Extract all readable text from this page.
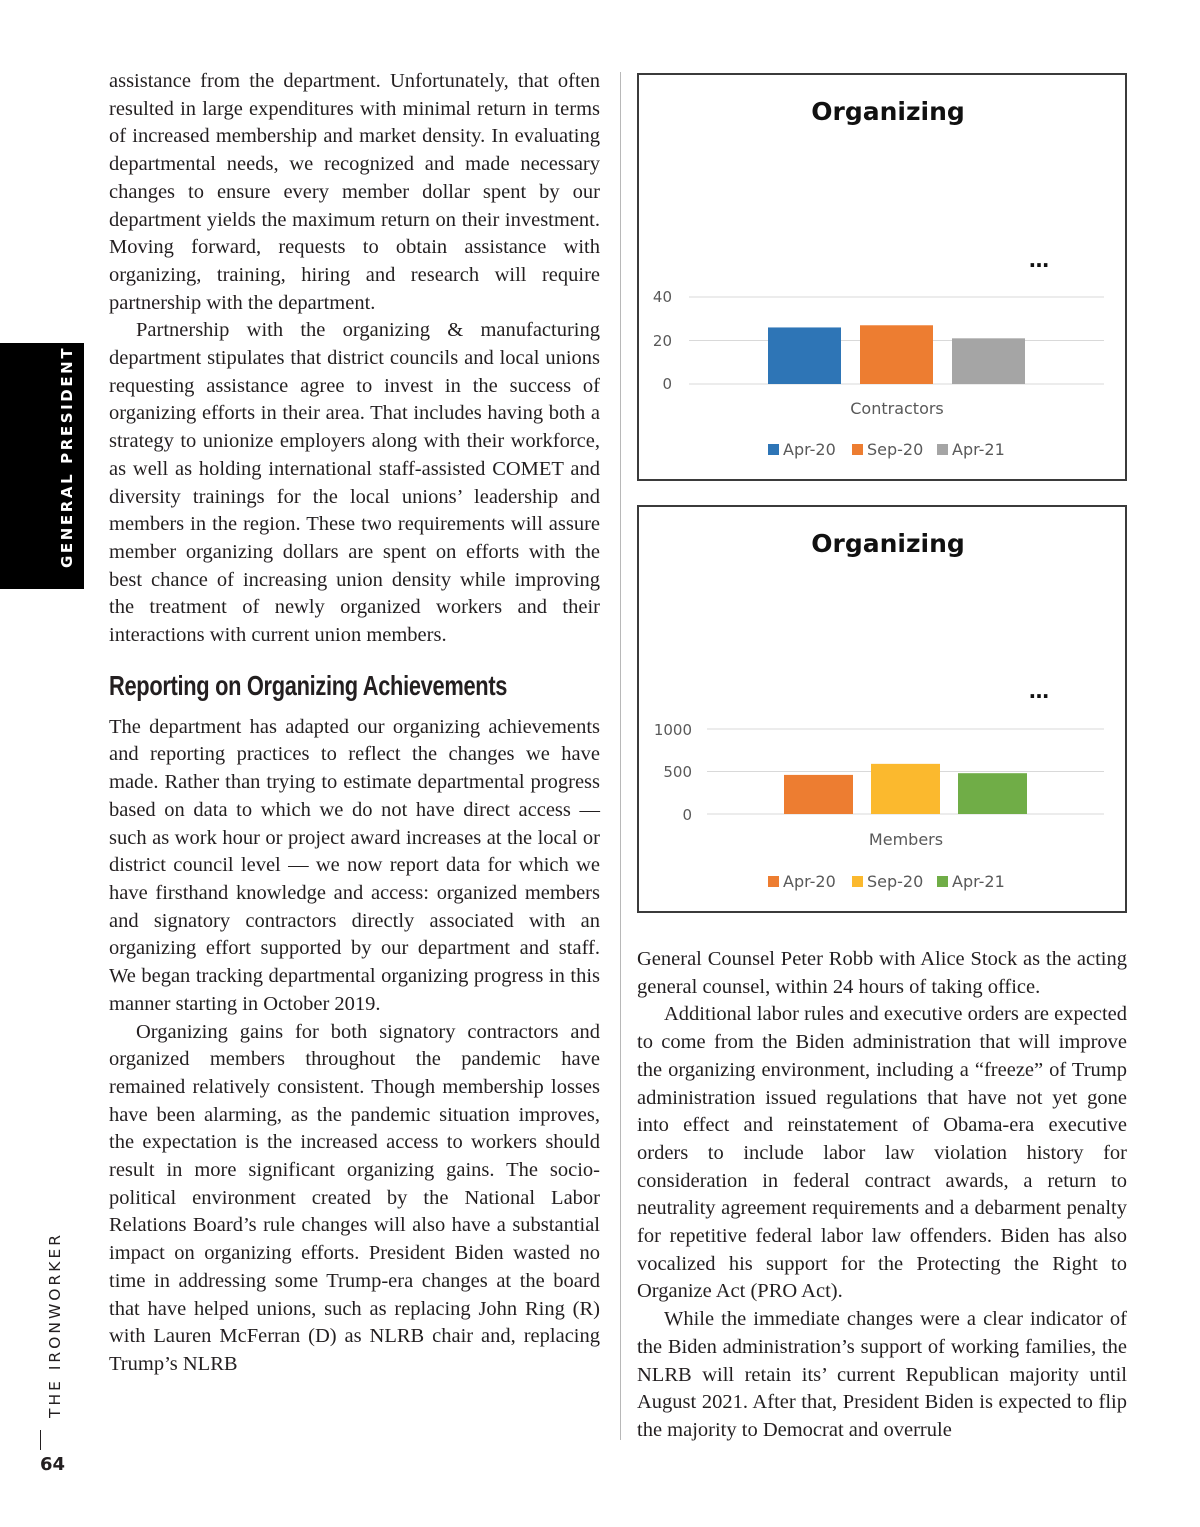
GENERAL PRESIDENT
THE IRONWORKER
64

assistance from the department. Unfortunately, that often resulted in large expenditures with minimal return in terms of increased membership and market density. In evaluating departmental needs, we recognized and made necessary changes to ensure every member dollar spent by our department yields the maximum return on their investment. Moving forward, requests to obtain assistance with organizing, training, hiring and research will require partnership with the department.

Partnership with the organizing & manufacturing department stipulates that district councils and local unions requesting assistance agree to invest in the success of organizing efforts in their area. That includes having both a strategy to unionize employers along with their workforce, as well as holding international staff-assisted COMET and diversity trainings for the local unions’ leadership and members in the region. These two requirements will assure member organizing dollars are spent on efforts with the best chance of increasing union density while improving the treatment of newly organized workers and their interactions with current union members.

Reporting on Organizing Achievements

The department has adapted our organizing achievements and reporting practices to reflect the changes we have made. Rather than trying to estimate departmental progress based on data to which we do not have direct access — such as work hour or project award increases at the local or district council level — we now report data for which we have firsthand knowledge and access: organized members and signatory contractors directly associated with an organizing effort supported by our department and staff. We began tracking departmental organizing progress in this manner starting in October 2019.

Organizing gains for both signatory contractors and organized members throughout the pandemic have remained relatively consistent. Though membership losses have been alarming, as the pandemic situation improves, the expectation is the increased access to workers should result in more significant organizing gains. The socio-political environment created by the National Labor Relations Board’s rule changes will also have a substantial impact on organizing efforts. President Biden wasted no time in addressing some Trump-era changes at the board that have helped unions, such as replacing John Ring (R) with Lauren McFerran (D) as NLRB chair and, replacing Trump’s NLRB

Organizing
…
40
20
0
Contractors
Apr-20 Sep-20 Apr-21
Organizing
…
1000
500
0
Members
Apr-20 Sep-20 Apr-21

General Counsel Peter Robb with Alice Stock as the acting general counsel, within 24 hours of taking office.

Additional labor rules and executive orders are expected to come from the Biden administration that will improve the organizing environment, including a “freeze” of Trump administration issued regulations that have not yet gone into effect and reinstatement of Obama-era executive orders to include labor law violation history for consideration in federal contract awards, a return to neutrality agreement requirements and a debarment penalty for repetitive federal labor law offenders. Biden has also vocalized his support for the Protecting the Right to Organize Act (PRO Act).

While the immediate changes were a clear indicator of the Biden administration’s support of working families, the NLRB will retain its’ current Republican majority until August 2021. After that, President Biden is expected to flip the majority to Democrat and overrule
